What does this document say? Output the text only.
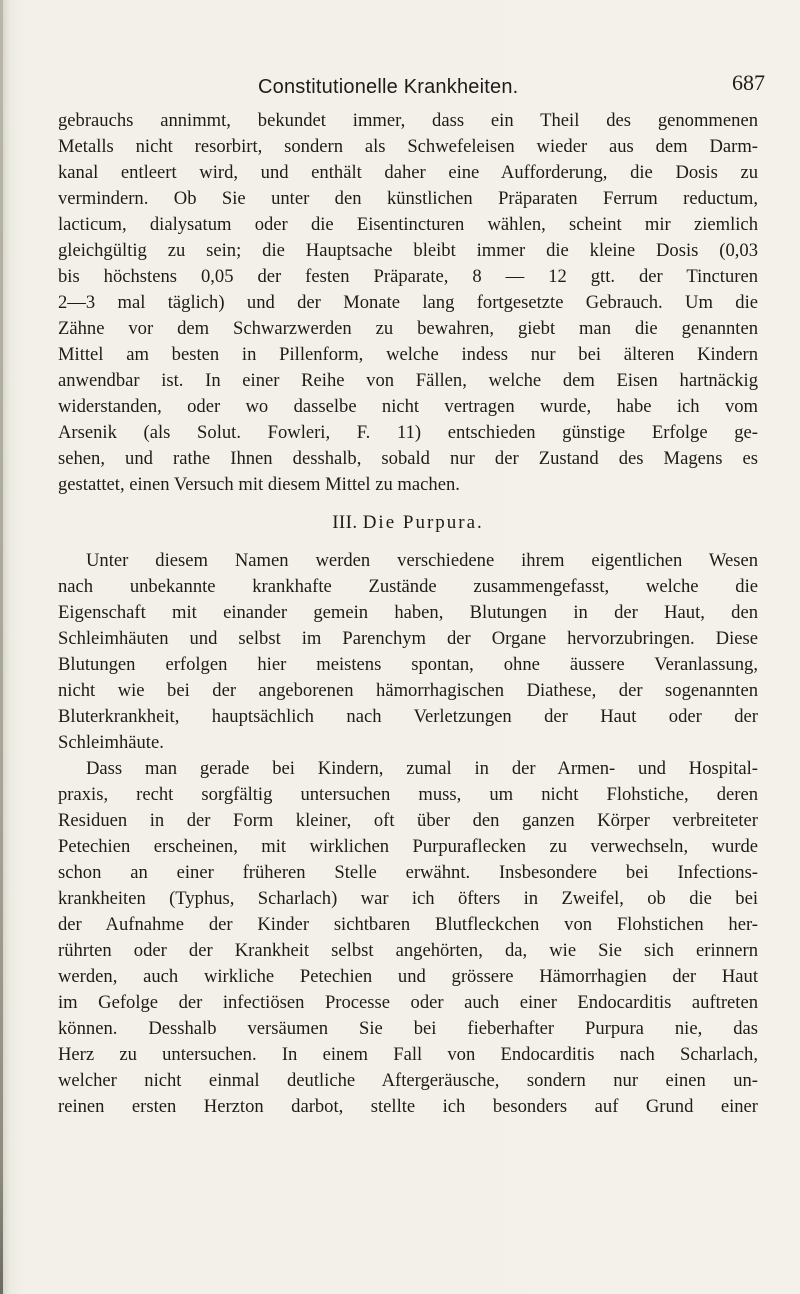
Constitutionelle Krankheiten.	687

gebrauchs annimmt, bekundet immer, dass ein Theil des genommenen

Metalls nicht resorbirt, sondern als Schwefeleisen wieder aus dem Darm-

kanal entleert wird, und enthält daher eine Aufforderung, die Dosis zu

vermindern. Ob Sie unter den künstlichen Präparaten Ferrum reductum,

lacticum, dialysatum oder die Eisentincturen wählen, scheint mir ziemlich

gleichgültig zu sein; die Hauptsache bleibt immer die kleine Dosis (0,03

bis höchstens 0,05 der festen Präparate, 8 — 12 gtt. der Tincturen

2—3 mal täglich) und der Monate lang fortgesetzte Gebrauch. Um die

Zähne vor dem Schwarzwerden zu bewahren, giebt man die genannten

Mittel am besten in Pillenform, welche indess nur bei älteren Kindern

anwendbar ist. In einer Reihe von Fällen, welche dem Eisen hartnäckig

widerstanden, oder wo dasselbe nicht vertragen wurde, habe ich vom

Arsenik (als Solut. Fowleri, F. 11) entschieden günstige Erfolge ge-

sehen, und rathe Ihnen desshalb, sobald nur der Zustand des Magens es

gestattet, einen Versuch mit diesem Mittel zu machen.

III. Die Purpura.

Unter diesem Namen werden verschiedene ihrem eigentlichen Wesen

nach unbekannte krankhafte Zustände zusammengefasst, welche die

Eigenschaft mit einander gemein haben, Blutungen in der Haut, den

Schleimhäuten und selbst im Parenchym der Organe hervorzubringen. Diese

Blutungen erfolgen hier meistens spontan, ohne äussere Veranlassung,

nicht wie bei der angeborenen hämorrhagischen Diathese, der sogenannten

Bluterkrankheit, hauptsächlich nach Verletzungen der Haut oder der

Schleimhäute.

Dass man gerade bei Kindern, zumal in der Armen- und Hospital-

praxis, recht sorgfältig untersuchen muss, um nicht Flohstiche, deren

Residuen in der Form kleiner, oft über den ganzen Körper verbreiteter

Petechien erscheinen, mit wirklichen Purpuraflecken zu verwechseln, wurde

schon an einer früheren Stelle erwähnt. Insbesondere bei Infections-

krankheiten (Typhus, Scharlach) war ich öfters in Zweifel, ob die bei

der Aufnahme der Kinder sichtbaren Blutfleckchen von Flohstichen her-

rührten oder der Krankheit selbst angehörten, da, wie Sie sich erinnern

werden, auch wirkliche Petechien und grössere Hämorrhagien der Haut

im Gefolge der infectiösen Processe oder auch einer Endocarditis auftreten

können. Desshalb versäumen Sie bei fieberhafter Purpura nie, das

Herz zu untersuchen. In einem Fall von Endocarditis nach Scharlach,

welcher nicht einmal deutliche Aftergeräusche, sondern nur einen un-

reinen ersten Herzton darbot, stellte ich besonders auf Grund einer
